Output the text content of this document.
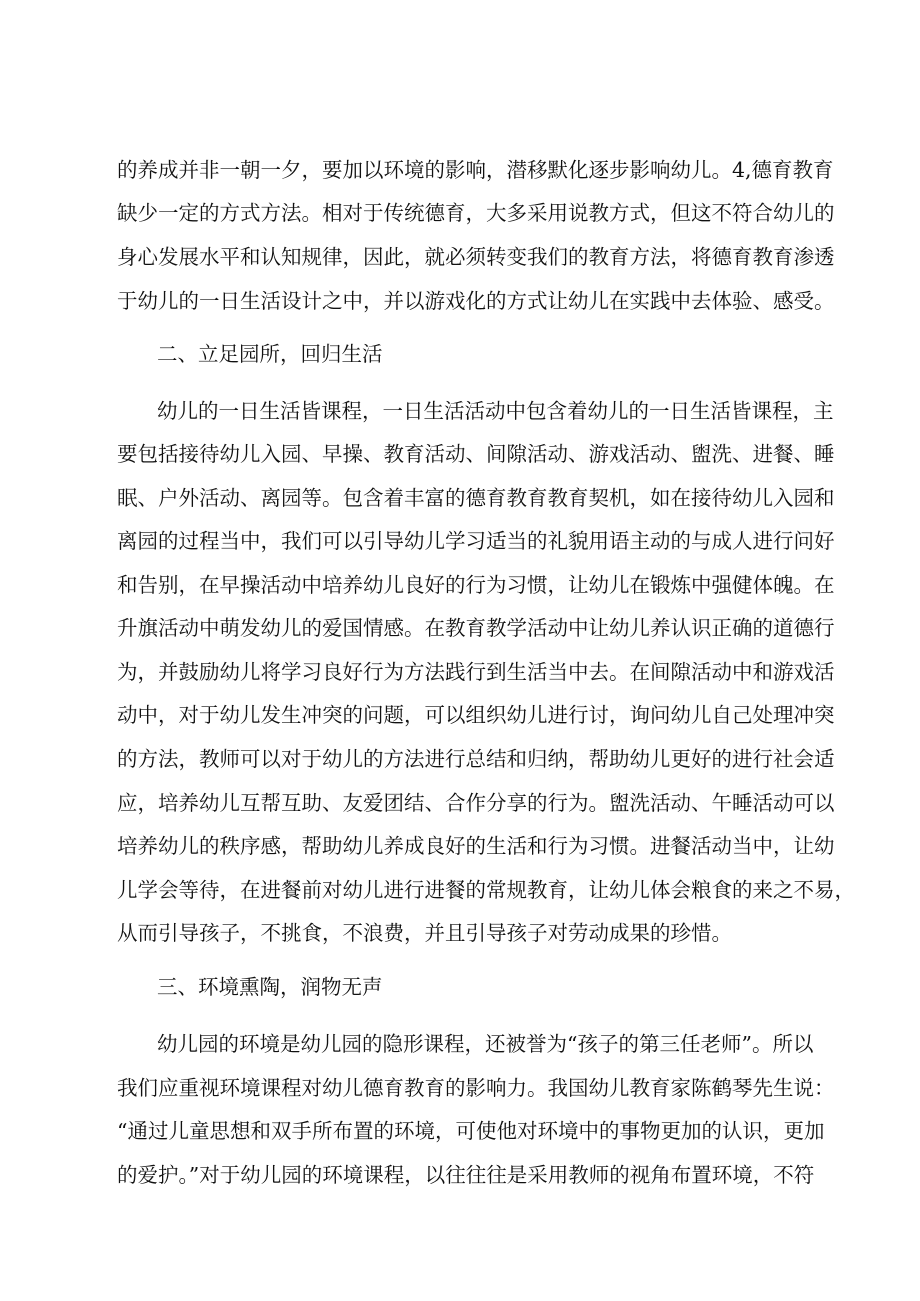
的养成并非一朝一夕，要加以环境的影响，潜移默化逐步影响幼儿。4,德育教育
缺少一定的方式方法。相对于传统德育，大多采用说教方式，但这不符合幼儿的
身心发展水平和认知规律，因此，就必须转变我们的教育方法，将德育教育渗透
于幼儿的一日生活设计之中，并以游戏化的方式让幼儿在实践中去体验、感受。
二、立足园所，回归生活
幼儿的一日生活皆课程，一日生活活动中包含着幼儿的一日生活皆课程，主
要包括接待幼儿入园、早操、教育活动、间隙活动、游戏活动、盥洗、进餐、睡
眠、户外活动、离园等。包含着丰富的德育教育教育契机，如在接待幼儿入园和
离园的过程当中，我们可以引导幼儿学习适当的礼貌用语主动的与成人进行问好
和告别，在早操活动中培养幼儿良好的行为习惯，让幼儿在锻炼中强健体魄。在
升旗活动中萌发幼儿的爱国情感。在教育教学活动中让幼儿养认识正确的道德行
为，并鼓励幼儿将学习良好行为方法践行到生活当中去。在间隙活动中和游戏活
动中，对于幼儿发生冲突的问题，可以组织幼儿进行讨，询问幼儿自己处理冲突
的方法，教师可以对于幼儿的方法进行总结和归纳，帮助幼儿更好的进行社会适
应，培养幼儿互帮互助、友爱团结、合作分享的行为。盥洗活动、午睡活动可以
培养幼儿的秩序感，帮助幼儿养成良好的生活和行为习惯。进餐活动当中，让幼
儿学会等待，在进餐前对幼儿进行进餐的常规教育，让幼儿体会粮食的来之不易，
从而引导孩子，不挑食，不浪费，并且引导孩子对劳动成果的珍惜。
三、环境熏陶，润物无声
幼儿园的环境是幼儿园的隐形课程，还被誉为“孩子的第三任老师”。所以
我们应重视环境课程对幼儿德育教育的影响力。我国幼儿教育家陈鹤琴先生说：
“通过儿童思想和双手所布置的环境，可使他对环境中的事物更加的认识，更加
的爱护。”对于幼儿园的环境课程，以往往往是采用教师的视角布置环境，不符
